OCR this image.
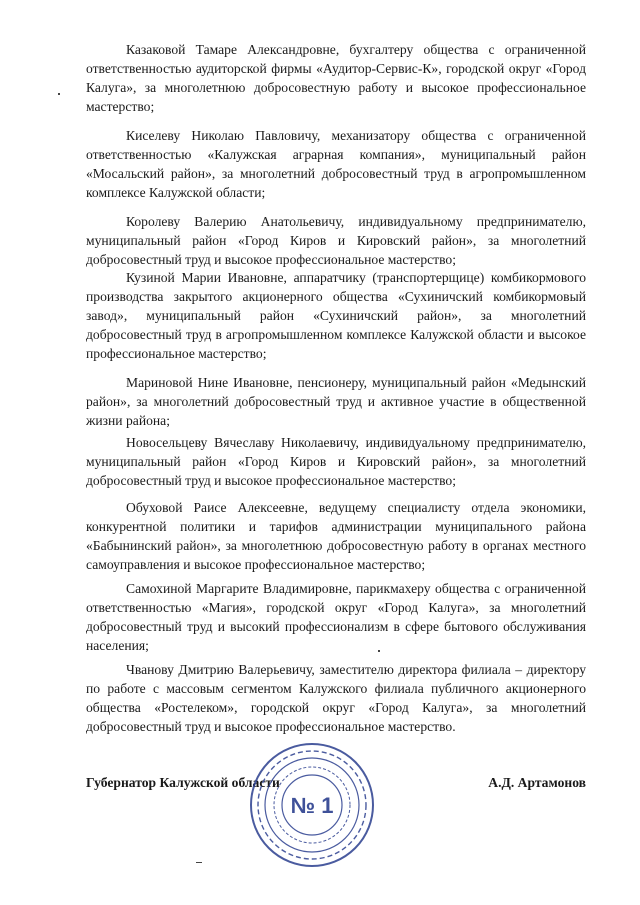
Казаковой Тамаре Александровне, бухгалтеру общества с ограниченной ответственностью аудиторской фирмы «Аудитор-Сервис-К», городской округ «Город Калуга», за многолетнюю добросовестную работу и высокое профессиональное мастерство;

Киселеву Николаю Павловичу, механизатору общества с ограниченной ответственностью «Калужская аграрная компания», муниципальный район «Мосальский район», за многолетний добросовестный труд в агропромышленном комплексе Калужской области;

Королеву Валерию Анатольевичу, индивидуальному предпринимателю, муниципальный район «Город Киров и Кировский район», за многолетний добросовестный труд и высокое профессиональное мастерство;

Кузиной Марии Ивановне, аппаратчику (транспортерщице) комбикормового производства закрытого акционерного общества «Сухиничский комбикормовый завод», муниципальный район «Сухиничский район», за многолетний добросовестный труд в агропромышленном комплексе Калужской области и высокое профессиональное мастерство;

Мариновой Нине Ивановне, пенсионеру, муниципальный район «Медынский район», за многолетний добросовестный труд и активное участие в общественной жизни района;

Новосельцеву Вячеславу Николаевичу, индивидуальному предпринимателю, муниципальный район «Город Киров и Кировский район», за многолетний добросовестный труд и высокое профессиональное мастерство;

Обуховой Раисе Алексеевне, ведущему специалисту отдела экономики, конкурентной политики и тарифов администрации муниципального района «Бабынинский район», за многолетнюю добросовестную работу в органах местного самоуправления и высокое профессиональное мастерство;

Самохиной Маргарите Владимировне, парикмахеру общества с ограниченной ответственностью «Магия», городской округ «Город Калуга», за многолетний добросовестный труд и высокий профессионализм в сфере бытового обслуживания населения;

Чванову Дмитрию Валерьевичу, заместителю директора филиала – директору по работе с массовым сегментом Калужского филиала публичного акционерного общества «Ростелеком», городской округ «Город Калуга», за многолетний добросовестный труд и высокое профессиональное мастерство.

Губернатор Калужской области	А.Д. Артамонов
№ 1
